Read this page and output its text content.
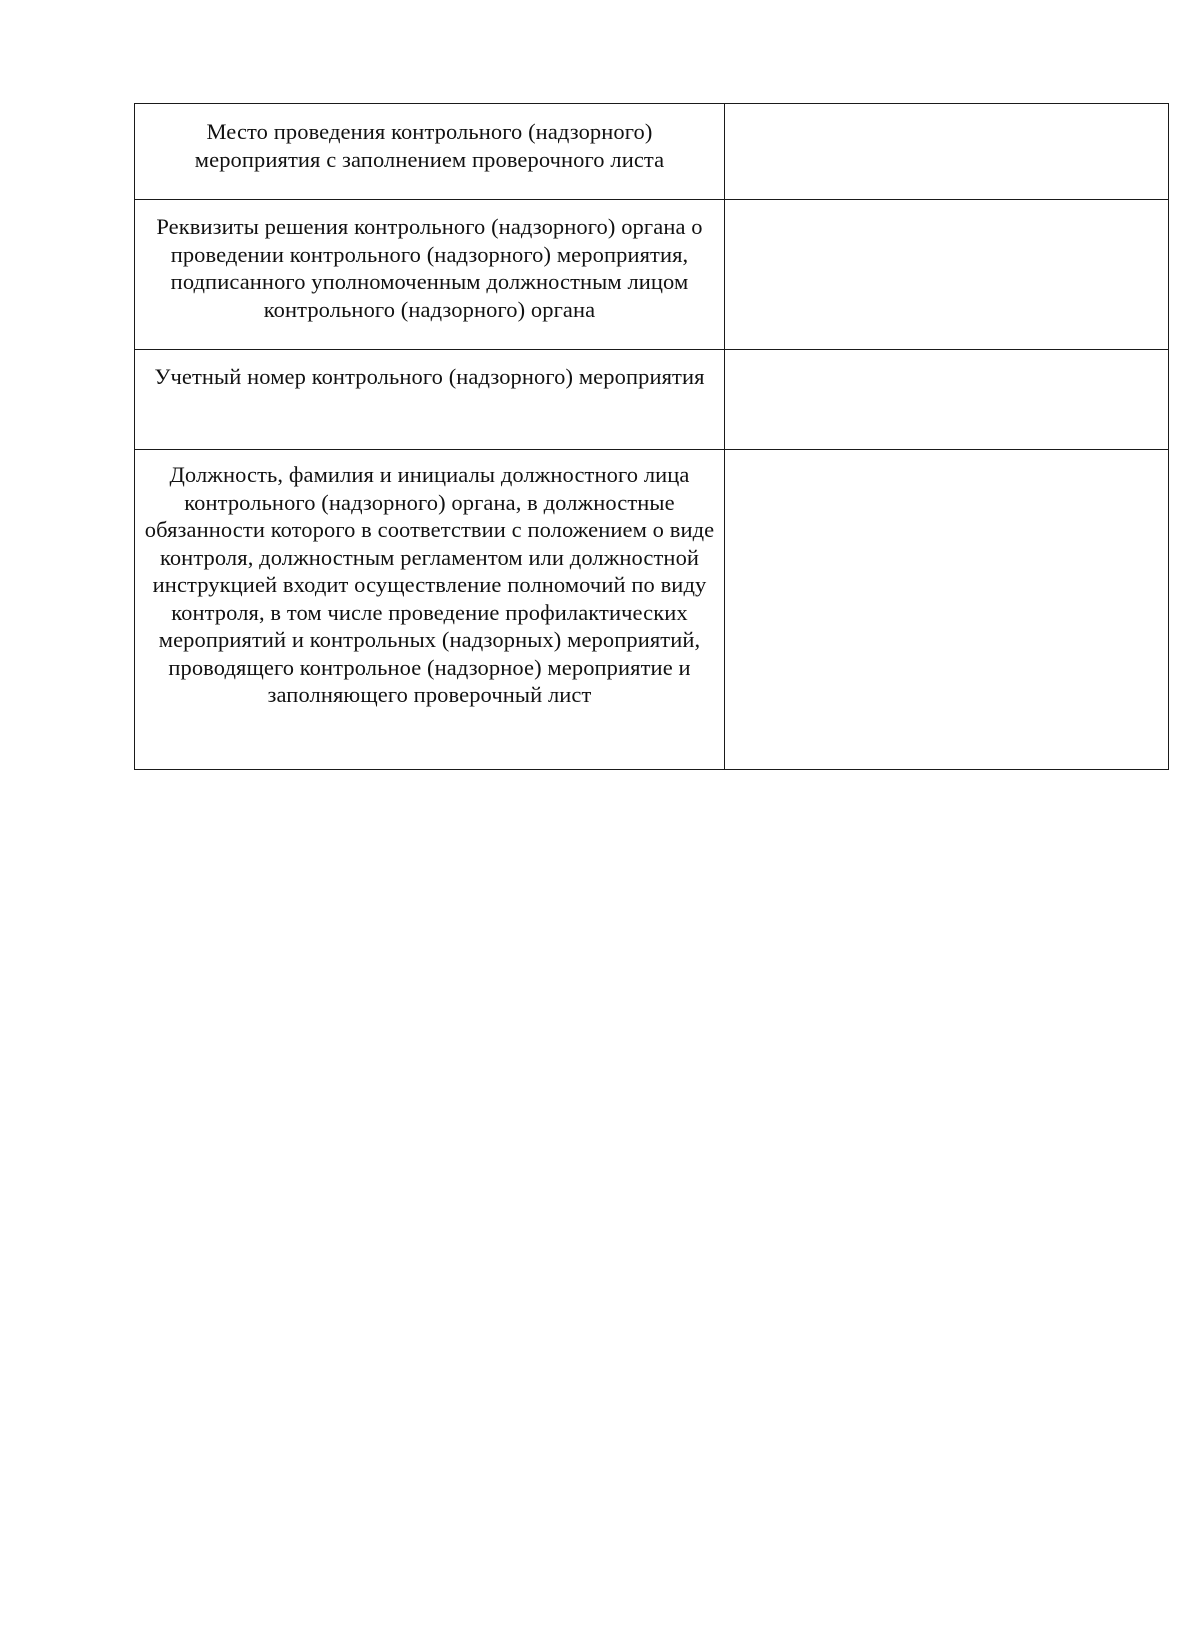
Место проведения контрольного (надзорного) мероприятия с заполнением проверочного листа	

Реквизиты решения контрольного (надзорного) органа о проведении контрольного (надзорного) мероприятия, подписанного уполномоченным должностным лицом контрольного (надзорного) органа	

Учетный номер контрольного (надзорного) мероприятия	

Должность, фамилия и инициалы должностного лица контрольного (надзорного) органа, в должностные обязанности которого в соответствии с положением о виде контроля, должностным регламентом или должностной инструкцией входит осуществление полномочий по виду контроля, в том числе проведение профилактических мероприятий и контрольных (надзорных) мероприятий, проводящего контрольное (надзорное) мероприятие и заполняющего проверочный лист	
